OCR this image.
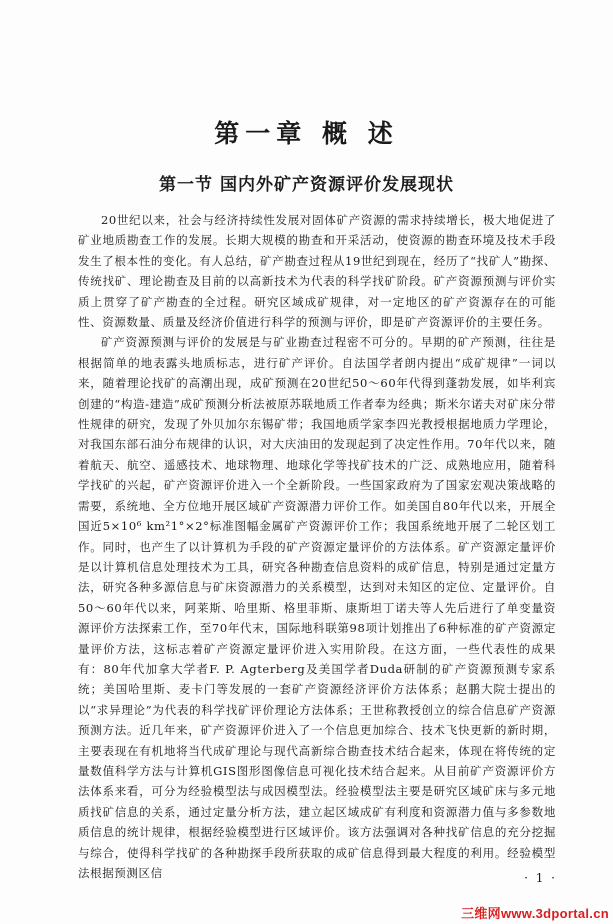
第一章 概 述
第一节 国内外矿产资源评价发展现状

20世纪以来，社会与经济持续性发展对固体矿产资源的需求持续增长，极大地促进了矿业地质勘查工作的发展。长期大规模的勘查和开采活动，使资源的勘查环境及技术手段发生了根本性的变化。有人总结，矿产勘查过程从19世纪到现在，经历了“找矿人”勘探、传统找矿、理论勘查及目前的以高新技术为代表的科学找矿阶段。矿产资源预测与评价实质上贯穿了矿产勘查的全过程。研究区域成矿规律，对一定地区的矿产资源存在的可能性、资源数量、质量及经济价值进行科学的预测与评价，即是矿产资源评价的主要任务。

矿产资源预测与评价的发展是与矿业勘查过程密不可分的。早期的矿产预测，往往是根据简单的地表露头地质标志，进行矿产评价。自法国学者朗内提出“成矿规律”一词以来，随着理论找矿的高潮出现，成矿预测在20世纪50～60年代得到蓬勃发展，如毕利宾创建的“构造-建造”成矿预测分析法被原苏联地质工作者奉为经典；斯米尔诺夫对矿床分带性规律的研究，发现了外贝加尔东锡矿带；我国地质学家李四光教授根据地质力学理论，对我国东部石油分布规律的认识，对大庆油田的发现起到了决定性作用。70年代以来，随着航天、航空、遥感技术、地球物理、地球化学等找矿技术的广泛、成熟地应用，随着科学找矿的兴起，矿产资源评价进入一个全新阶段。一些国家政府为了国家宏观决策战略的需要，系统地、全方位地开展区域矿产资源潜力评价工作。如美国自80年代以来，开展全国近5×10⁶ km²1°×2°标准图幅金属矿产资源评价工作；我国系统地开展了二轮区划工作。同时，也产生了以计算机为手段的矿产资源定量评价的方法体系。矿产资源定量评价是以计算机信息处理技术为工具，研究各种勘查信息资料的成矿信息，特别是通过定量方法，研究各种多源信息与矿床资源潜力的关系模型，达到对未知区的定位、定量评价。自50～60年代以来，阿莱斯、哈里斯、格里菲斯、康斯坦丁诺夫等人先后进行了单变量资源评价方法探索工作，至70年代末，国际地科联第98项计划推出了6种标准的矿产资源定量评价方法，这标志着矿产资源定量评价进入实用阶段。在这方面，一些代表性的成果有：80年代加拿大学者F. P. Agterberg及美国学者Duda研制的矿产资源预测专家系统；美国哈里斯、麦卡门等发展的一套矿产资源经济评价方法体系；赵鹏大院士提出的以“求异理论”为代表的科学找矿评价理论方法体系；王世称教授创立的综合信息矿产资源预测方法。近几年来，矿产资源评价进入了一个信息更加综合、技术飞快更新的新时期，主要表现在有机地将当代成矿理论与现代高新综合勘查技术结合起来，体现在将传统的定量数值科学方法与计算机GIS图形图像信息可视化技术结合起来。从目前矿产资源评价方法体系来看，可分为经验模型法与成因模型法。经验模型法主要是研究区域矿床与多元地质找矿信息的关系，通过定量分析方法，建立起区域成矿有利度和资源潜力值与多参数地质信息的统计规律，根据经验模型进行区域评价。该方法强调对各种找矿信息的充分挖掘与综合，使得科学找矿的各种勘探手段所获取的成矿信息得到最大程度的利用。经验模型法根据预测区信	· 1 ·
三维网www.3dportal.cn
